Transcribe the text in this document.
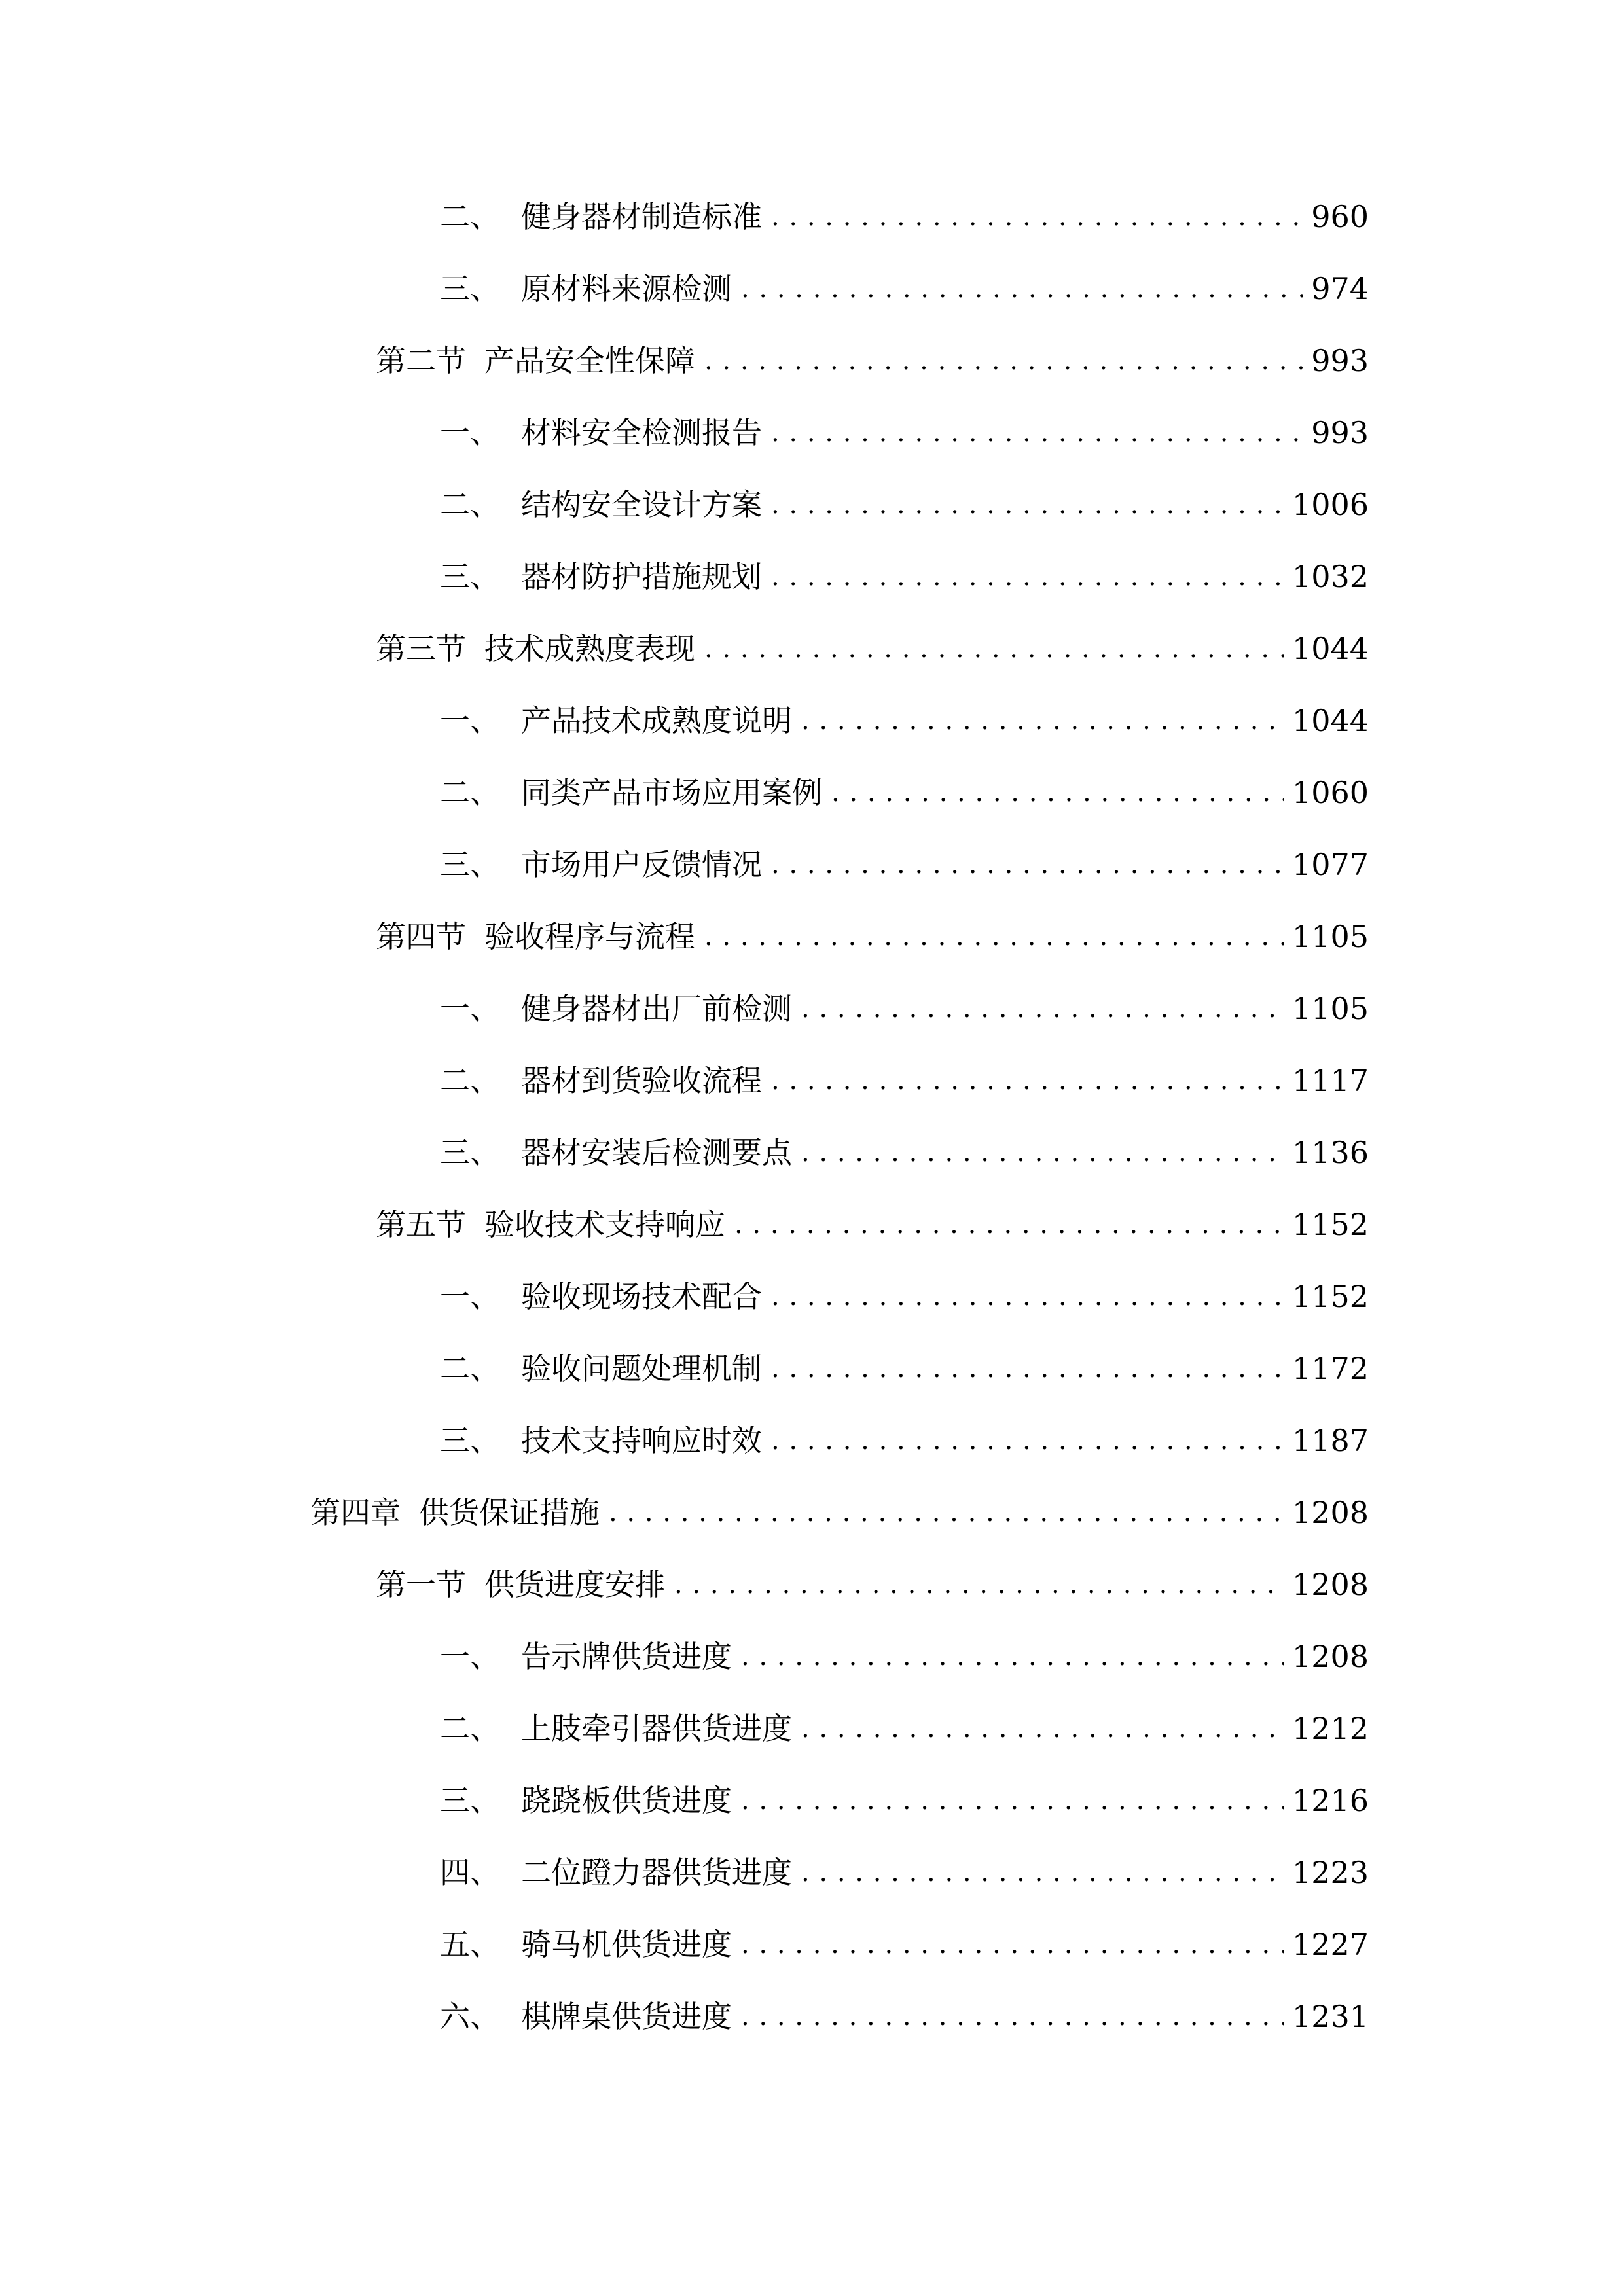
二、 健身器材制造标准 . . .	960
三、 原材料来源检测 . . .	974
第二节 产品安全性保障 . . .	993
一、 材料安全检测报告 . . .	993
二、 结构安全设计方案 . . .	1006
三、 器材防护措施规划 . . .	1032
第三节 技术成熟度表现 . . .	1044
一、 产品技术成熟度说明 . . .	1044
二、 同类产品市场应用案例 . . .	1060
三、 市场用户反馈情况 . . .	1077
第四节 验收程序与流程 . . .	1105
一、 健身器材出厂前检测 . . .	1105
二、 器材到货验收流程 . . .	1117
三、 器材安装后检测要点 . . .	1136
第五节 验收技术支持响应 . . .	1152
一、 验收现场技术配合 . . .	1152
二、 验收问题处理机制 . . .	1172
三、 技术支持响应时效 . . .	1187
第四章 供货保证措施 . . .	1208
第一节 供货进度安排 . . .	1208
一、 告示牌供货进度 . . .	1208
二、 上肢牵引器供货进度 . . .	1212
三、 跷跷板供货进度 . . .	1216
四、 二位蹬力器供货进度 . . .	1223
五、 骑马机供货进度 . . .	1227
六、 棋牌桌供货进度 . . .	1231
